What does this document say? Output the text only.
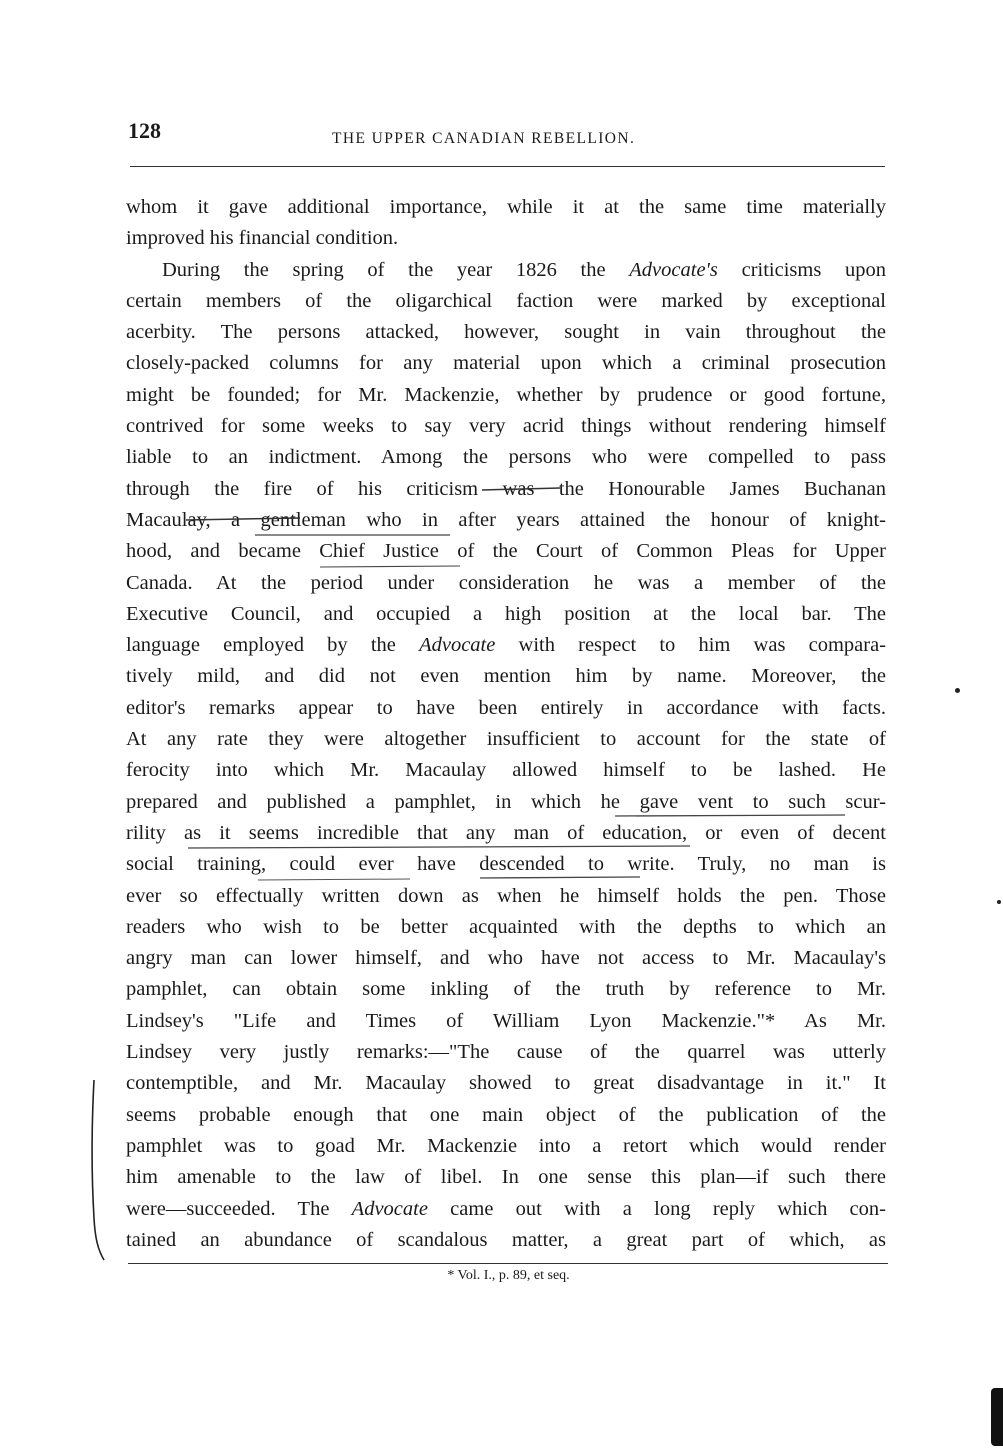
128	THE UPPER CANADIAN REBELLION.
whom it gave additional importance, while it at the same time materially
improved his financial condition.
During the spring of the year 1826 the Advocate's criticisms upon
certain members of the oligarchical faction were marked by exceptional
acerbity. The persons attacked, however, sought in vain throughout the
closely-packed columns for any material upon which a criminal prosecution
might be founded; for Mr. Mackenzie, whether by prudence or good fortune,
contrived for some weeks to say very acrid things without rendering himself
liable to an indictment. Among the persons who were compelled to pass
through the fire of his criticism was the Honourable James Buchanan
Macaulay, a gentleman who in after years attained the honour of knight-
hood, and became Chief Justice of the Court of Common Pleas for Upper
Canada. At the period under consideration he was a member of the
Executive Council, and occupied a high position at the local bar. The
language employed by the Advocate with respect to him was compara-
tively mild, and did not even mention him by name. Moreover, the
editor's remarks appear to have been entirely in accordance with facts.
At any rate they were altogether insufficient to account for the state of
ferocity into which Mr. Macaulay allowed himself to be lashed. He
prepared and published a pamphlet, in which he gave vent to such scur-
rility as it seems incredible that any man of education, or even of decent
social training, could ever have descended to write. Truly, no man is
ever so effectually written down as when he himself holds the pen. Those
readers who wish to be better acquainted with the depths to which an
angry man can lower himself, and who have not access to Mr. Macaulay's
pamphlet, can obtain some inkling of the truth by reference to Mr.
Lindsey's "Life and Times of William Lyon Mackenzie."* As Mr.
Lindsey very justly remarks:—"The cause of the quarrel was utterly
contemptible, and Mr. Macaulay showed to great disadvantage in it." It
seems probable enough that one main object of the publication of the
pamphlet was to goad Mr. Mackenzie into a retort which would render
him amenable to the law of libel. In one sense this plan—if such there
were—succeeded. The Advocate came out with a long reply which con-
tained an abundance of scandalous matter, a great part of which, as
* Vol. I., p. 89, et seq.
